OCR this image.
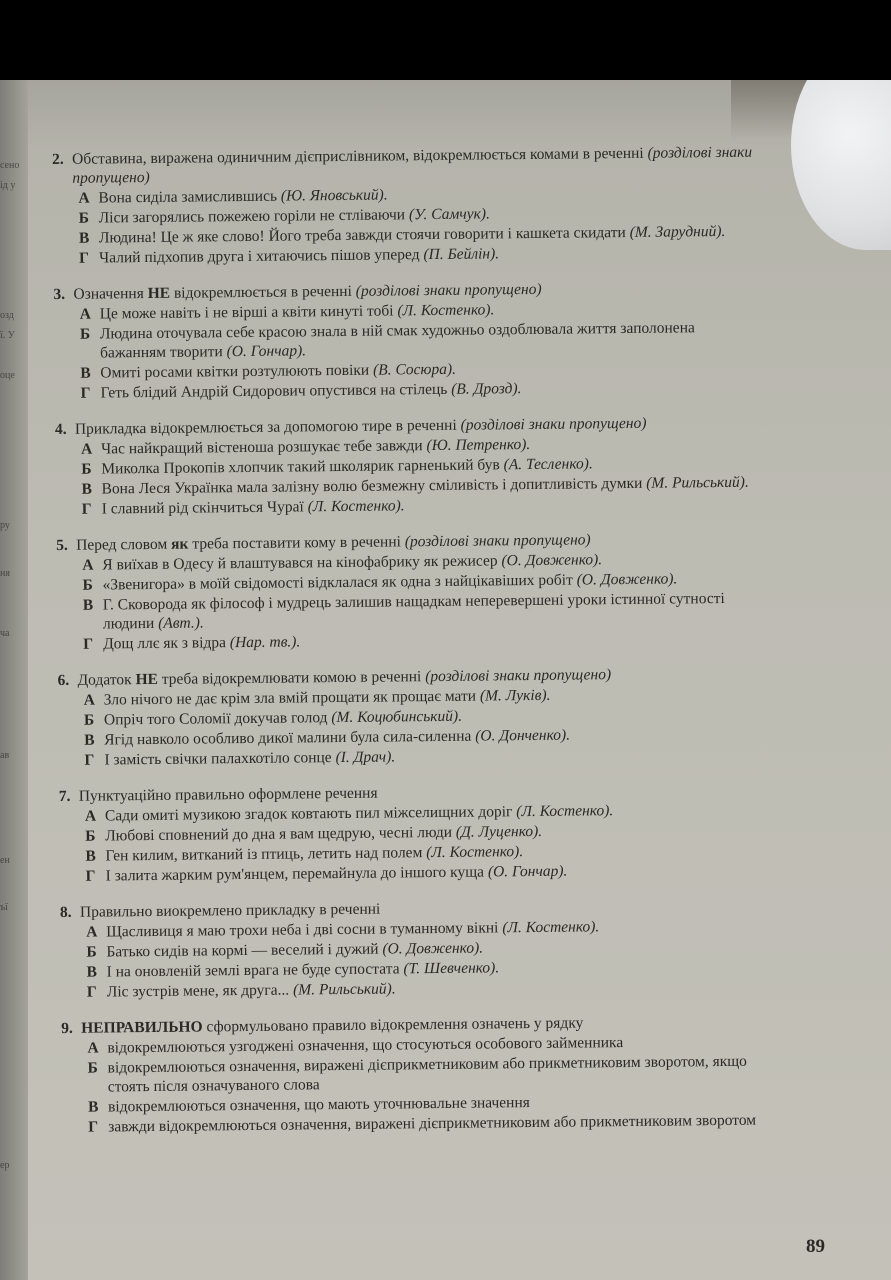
сено
ід у
озд
ї. У
оце
ру
ня
ча
ав
ен
ъї
ер
2. Обставина, виражена одиничним дієприслівником, відокремлюється комами в реченні (розділові знаки пропущено)
А Вона сиділа замислившись (Ю. Яновський).
Б Ліси загорялись пожежею горіли не стліваючи (У. Самчук).
В Людина! Це ж яке слово! Його треба завжди стоячи говорити і кашкета скидати (М. Зарудний).
Г Чалий підхопив друга і хитаючись пішов уперед (П. Бейлін).
3. Означення НЕ відокремлюється в реченні (розділові знаки пропущено)
А Це може навіть і не вірші а квіти кинуті тобі (Л. Костенко).
Б Людина оточувала себе красою знала в ній смак художньо оздоблювала життя заполонена бажанням творити (О. Гончар).
В Омиті росами квітки розтулюють повіки (В. Сосюра).
Г Геть блідий Андрій Сидорович опустився на стілець (В. Дрозд).
4. Прикладка відокремлюється за допомогою тире в реченні (розділові знаки пропущено)
А Час найкращий вістеноша розшукає тебе завжди (Ю. Петренко).
Б Миколка Прокопів хлопчик такий школярик гарненький був (А. Тесленко).
В Вона Леся Українка мала залізну волю безмежну сміливість і допитливість думки (М. Рильський).
Г І славний рід скінчиться Чураї (Л. Костенко).
5. Перед словом як треба поставити кому в реченні (розділові знаки пропущено)
А Я виїхав в Одесу й влаштувався на кінофабрику як режисер (О. Довженко).
Б «Звенигора» в моїй свідомості відклалася як одна з найцікавіших робіт (О. Довженко).
В Г. Сковорода як філософ і мудрець залишив нащадкам неперевершені уроки істинної сутності людини (Авт.).
Г Дощ ллє як з відра (Нар. тв.).
6. Додаток НЕ треба відокремлювати комою в реченні (розділові знаки пропущено)
А Зло нічого не дає крім зла вмій прощати як прощає мати (М. Луків).
Б Опріч того Соломії докучав голод (М. Коцюбинський).
В Ягід навколо особливо дикої малини була сила-силенна (О. Донченко).
Г І замість свічки палахкотіло сонце (І. Драч).
7. Пунктуаційно правильно оформлене речення
А Сади омиті музикою згадок ковтають пил міжселищних доріг (Л. Костенко).
Б Любові сповнений до дна я вам щедрую, чесні люди (Д. Луценко).
В Ген килим, витканий із птиць, летить над полем (Л. Костенко).
Г І залита жарким рум'янцем, перемайнула до іншого куща (О. Гончар).
8. Правильно виокремлено прикладку в реченні
А Щасливиця я маю трохи неба і дві сосни в туманному вікні (Л. Костенко).
Б Батько сидів на кормі — веселий і дужий (О. Довженко).
В І на оновленій землі врага не буде супостата (Т. Шевченко).
Г Ліс зустрів мене, як друга... (М. Рильський).
9. НЕПРАВИЛЬНО сформульовано правило відокремлення означень у рядку
А відокремлюються узгоджені означення, що стосуються особового займенника
Б відокремлюються означення, виражені дієприкметниковим або прикметниковим зворотом, якщо стоять після означуваного слова
В відокремлюються означення, що мають уточнювальне значення
Г завжди відокремлюються означення, виражені дієприкметниковим або прикметниковим зворотом
89
